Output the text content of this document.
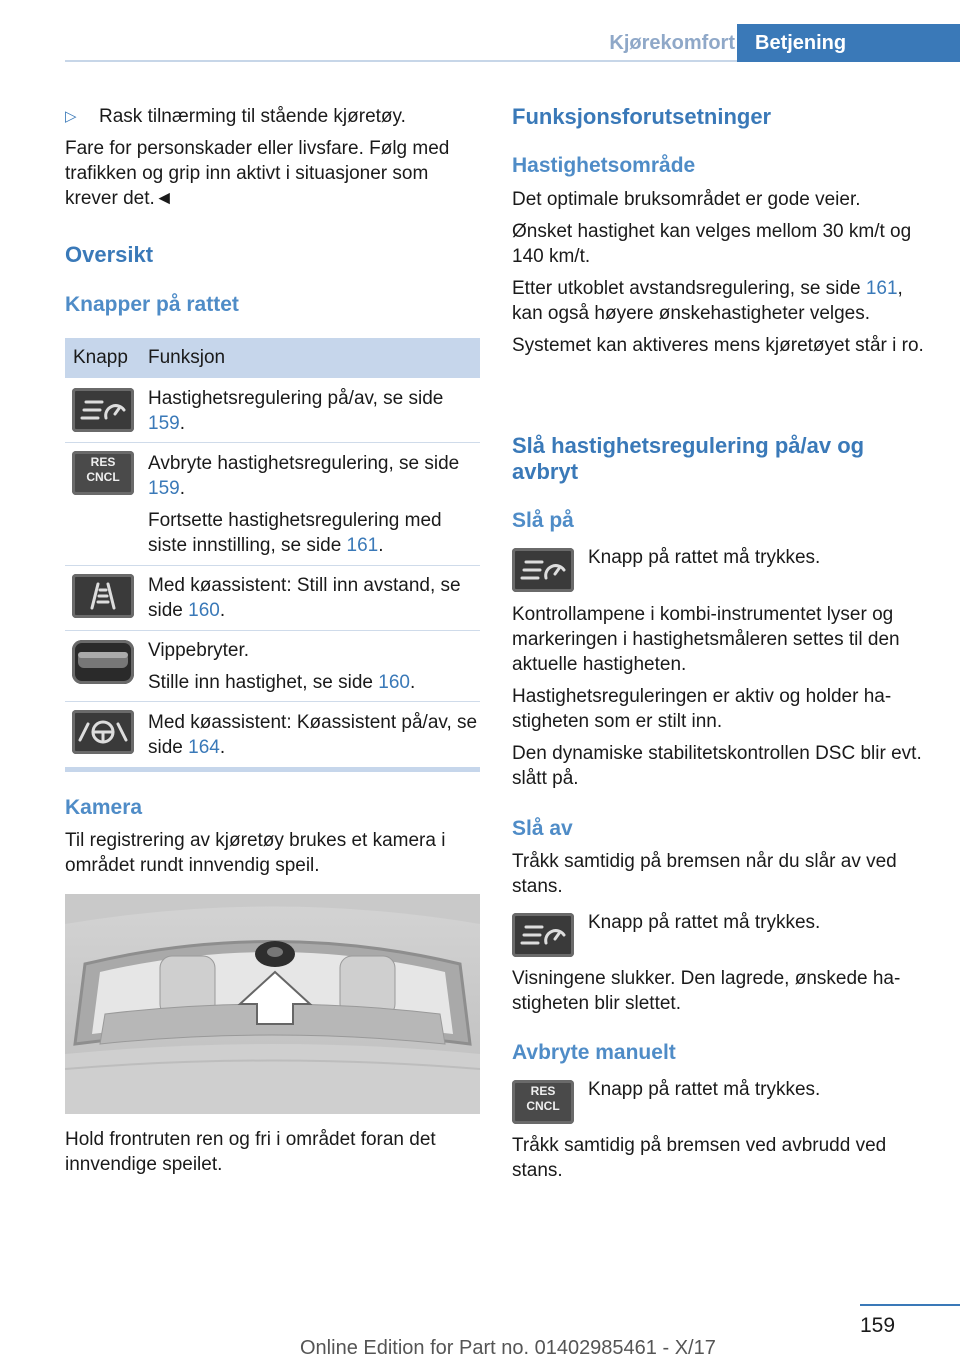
Kjørekomfort	Betjening
▷ Rask tilnærming til stående kjøretøy.

Fare for personskader eller livsfare. Følg med trafikken og grip inn aktivt i situasjoner som krever det.◄

Oversikt
Knapper på rattet
Knapp Funksjon
Hastighetsregulering på/av, se side 159.
RES
CNCL
Avbryte hastighetsregulering, se side 159.
Fortsette hastighetsregulering med siste innstilling, se side 161.
Med køassistent: Still inn avstand, se side 160.
Vippebryter.
Stille inn hastighet, se side 160.
Med køassistent: Køassistent på/av, se side 164.
Kamera

Til registrering av kjøretøy brukes et kamera i området rundt innvendig speil.

Hold frontruten ren og fri i området foran det innvendige speilet.

Funksjonsforutsetninger
Hastighetsområde

Det optimale bruksområdet er gode veier.

Ønsket hastighet kan velges mellom 30 km/t og 140 km/t.

Etter utkoblet avstandsregulering, se side 161, kan også høyere ønskehastigheter velges.

Systemet kan aktiveres mens kjøretøyet står i ro.

Slå hastighetsregulering på/av og avbryt
Slå på

Knapp på rattet må trykkes.

Kontrollampene i kombi-instrumentet lyser og markeringen i hastighetsmåleren settes til den aktuelle hastigheten.

Hastighetsreguleringen er aktiv og holder ha-stigheten som er stilt inn.

Den dynamiske stabilitetskontrollen DSC blir evt. slått på.

Slå av

Tråkk samtidig på bremsen når du slår av ved stans.

Knapp på rattet må trykkes.

Visningene slukker. Den lagrede, ønskede ha-stigheten blir slettet.

Avbryte manuelt
RES
CNCL

Knapp på rattet må trykkes.

Tråkk samtidig på bremsen ved avbrudd ved stans.

159
Online Edition for Part no. 01402985461 - X/17
